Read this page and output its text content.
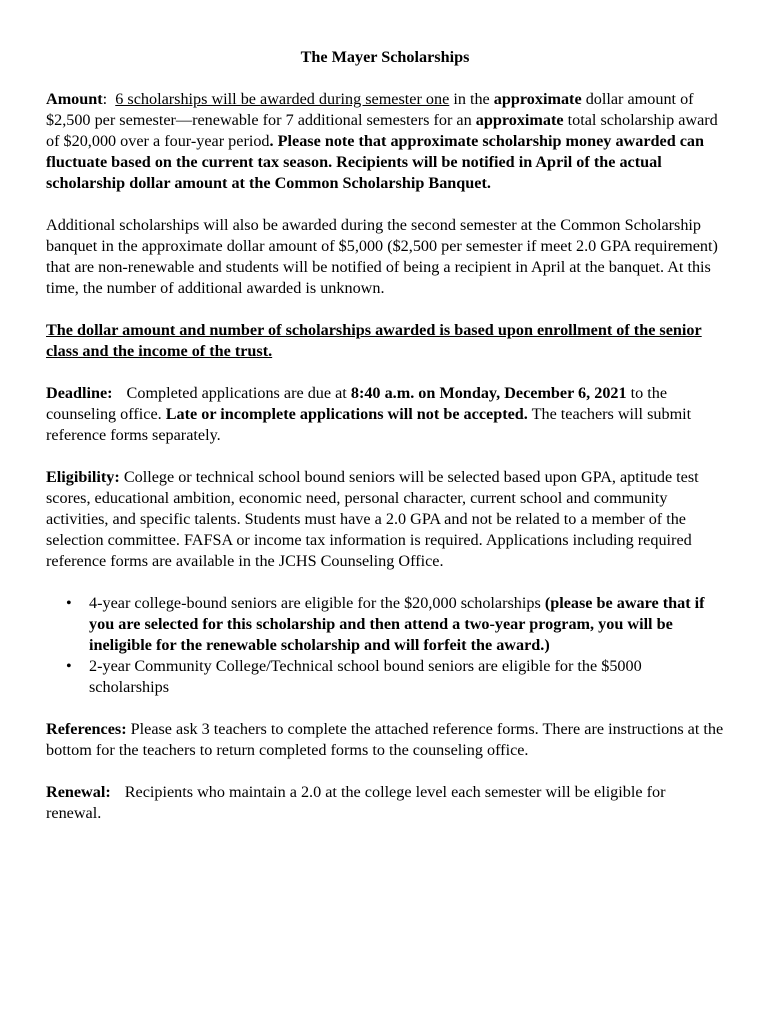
The Mayer Scholarships

Amount: 6 scholarships will be awarded during semester one in the approximate dollar amount of $2,500 per semester—renewable for 7 additional semesters for an approximate total scholarship award of $20,000 over a four-year period. Please note that approximate scholarship money awarded can fluctuate based on the current tax season. Recipients will be notified in April of the actual scholarship dollar amount at the Common Scholarship Banquet.

Additional scholarships will also be awarded during the second semester at the Common Scholarship banquet in the approximate dollar amount of $5,000 ($2,500 per semester if meet 2.0 GPA requirement) that are non-renewable and students will be notified of being a recipient in April at the banquet. At this time, the number of additional awarded is unknown.

The dollar amount and number of scholarships awarded is based upon enrollment of the senior class and the income of the trust.

Deadline: Completed applications are due at 8:40 a.m. on Monday, December 6, 2021 to the counseling office. Late or incomplete applications will not be accepted. The teachers will submit reference forms separately.

Eligibility: College or technical school bound seniors will be selected based upon GPA, aptitude test scores, educational ambition, economic need, personal character, current school and community activities, and specific talents. Students must have a 2.0 GPA and not be related to a member of the selection committee. FAFSA or income tax information is required. Applications including required reference forms are available in the JCHS Counseling Office.

• 4-year college-bound seniors are eligible for the $20,000 scholarships (please be aware that if you are selected for this scholarship and then attend a two-year program, you will be ineligible for the renewable scholarship and will forfeit the award.)
• 2-year Community College/Technical school bound seniors are eligible for the $5000 scholarships

References: Please ask 3 teachers to complete the attached reference forms. There are instructions at the bottom for the teachers to return completed forms to the counseling office.

Renewal: Recipients who maintain a 2.0 at the college level each semester will be eligible for renewal.
